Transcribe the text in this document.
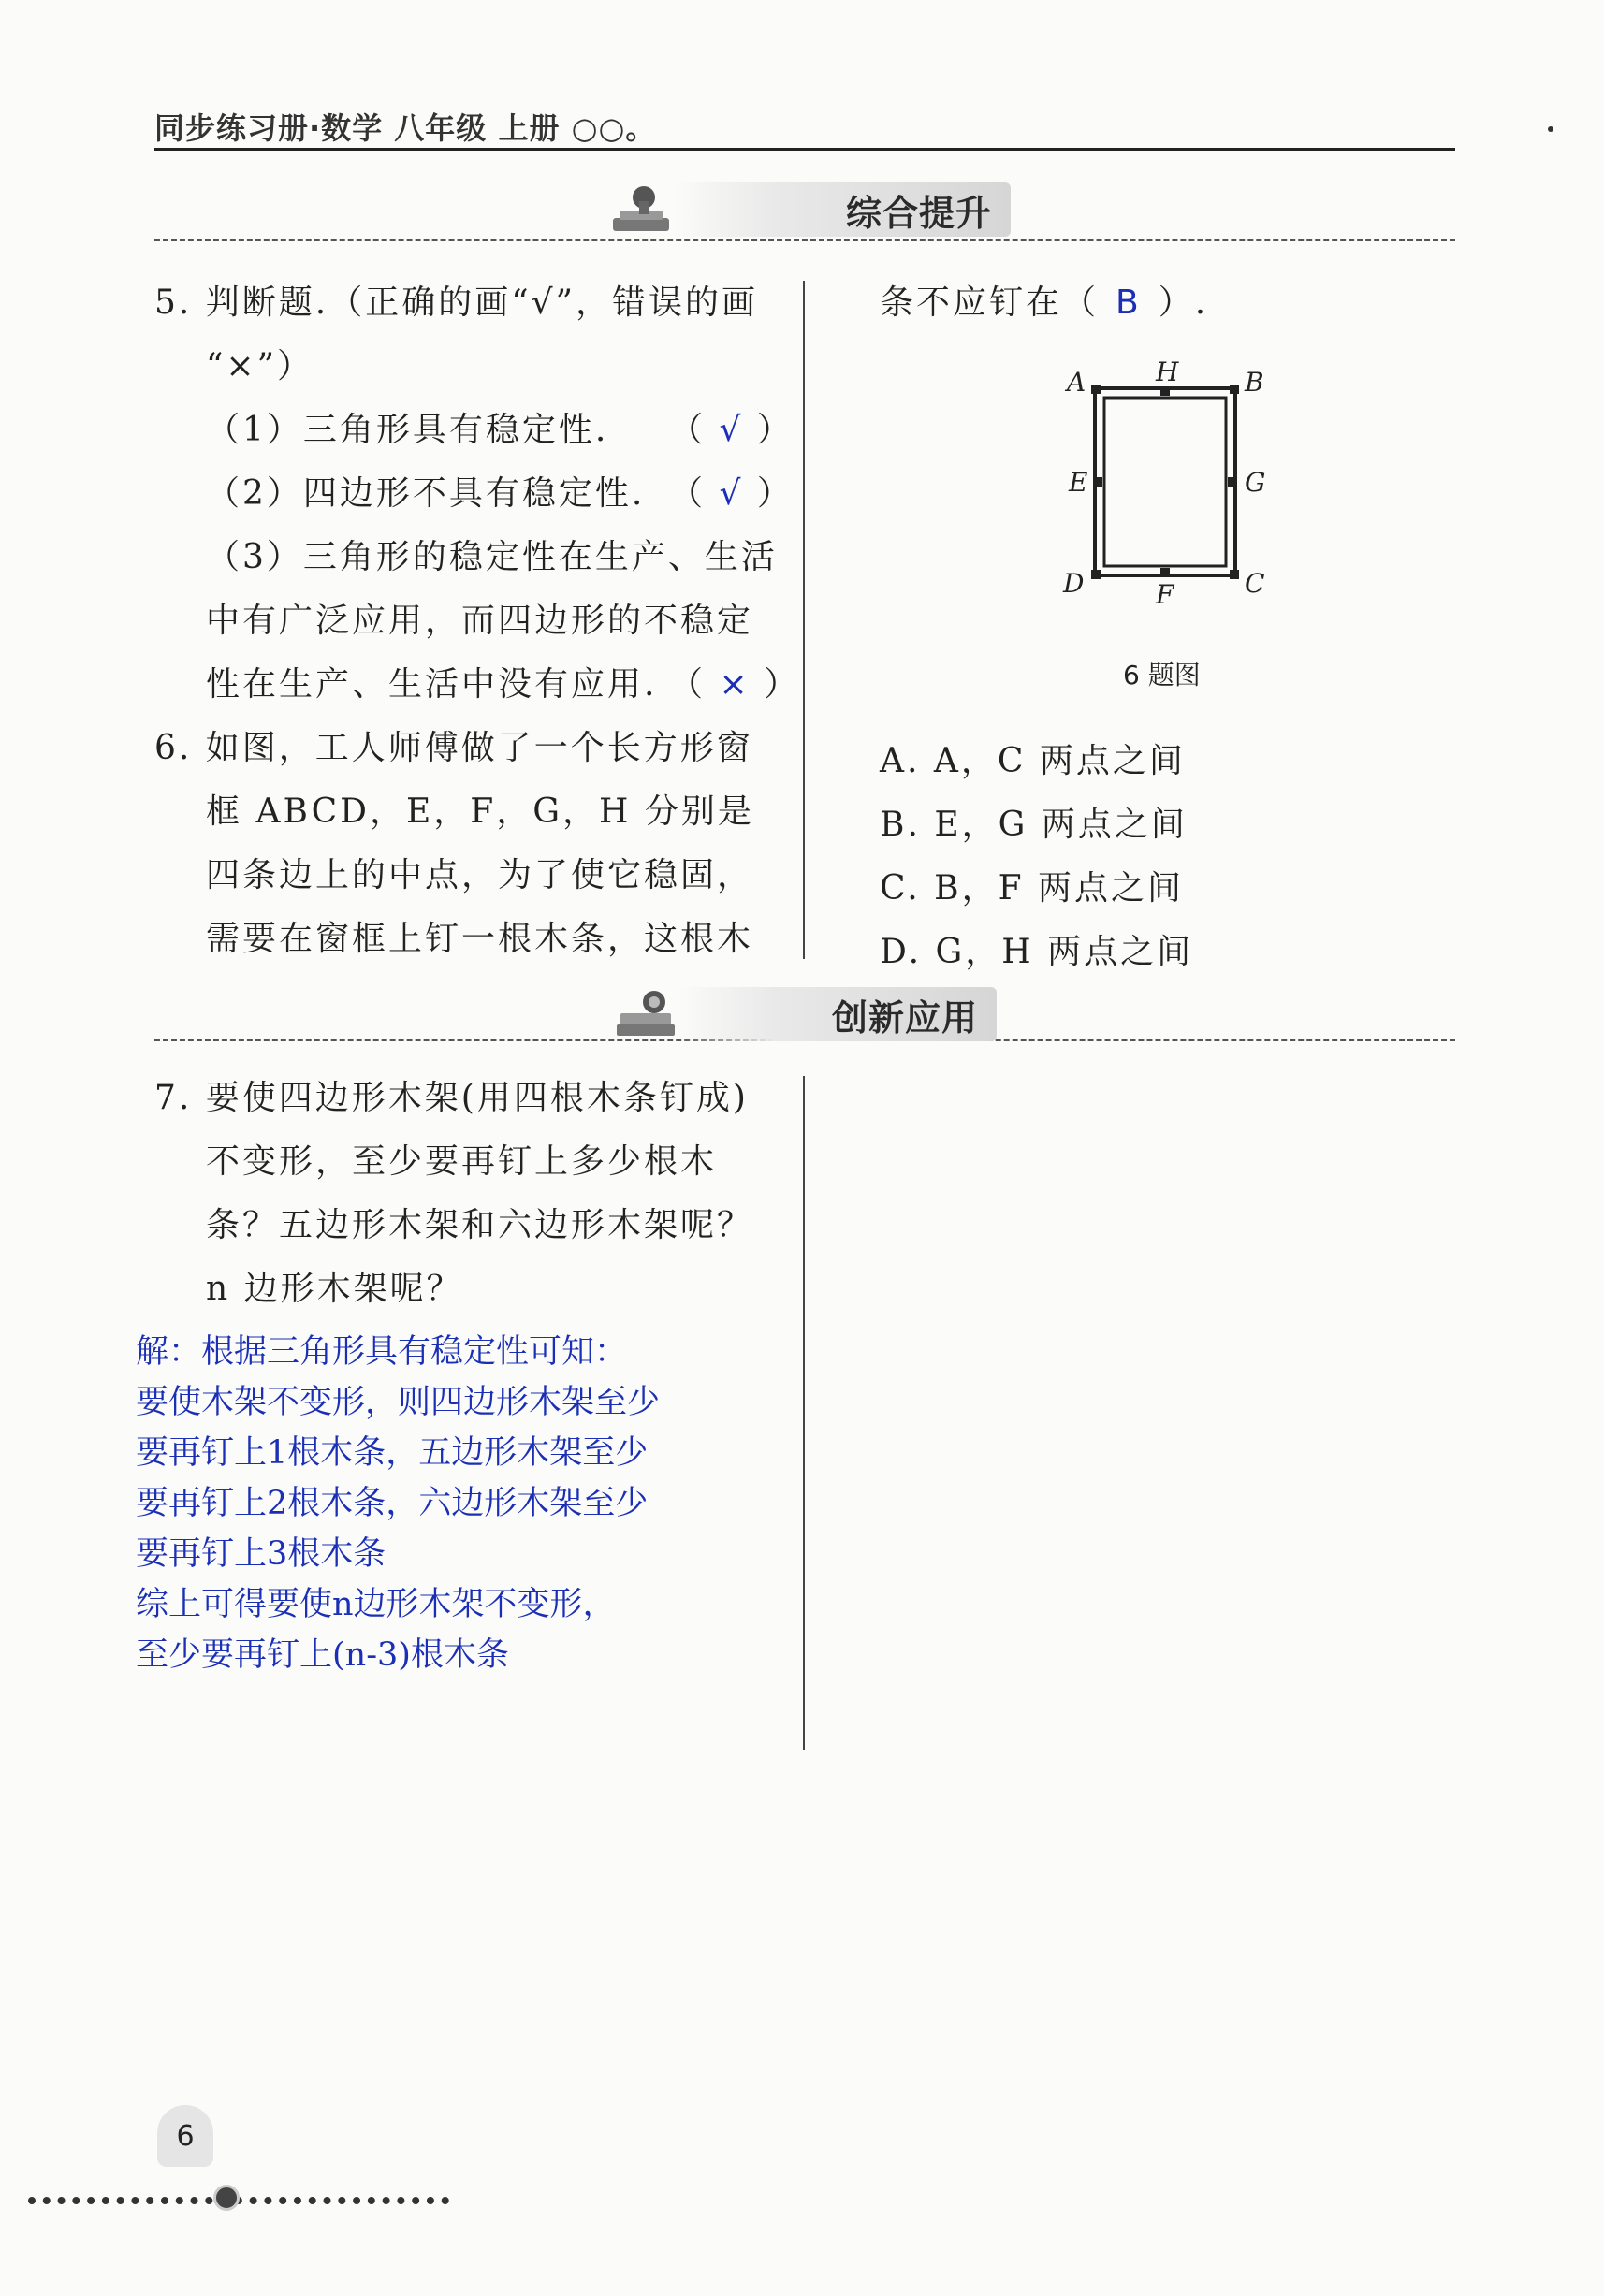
同步练习册·数学 八年级 上册 ○○。
综合提升
5. 判断题.（正确的画“√”，错误的画
“×”）
（1）三角形具有稳定性. （ √ ）
（2）四边形不具有稳定性. （ √ ）
（3）三角形的稳定性在生产、生活
中有广泛应用，而四边形的不稳定
性在生产、生活中没有应用. （ × ）
6. 如图，工人师傅做了一个长方形窗
框 ABCD，E，F，G，H 分别是
四条边上的中点，为了使它稳固，
需要在窗框上钉一根木条，这根木
条不应钉在（ B ）.
A	B
C
D
E
F
G
H
6 题图
A. A，C 两点之间
B. E，G 两点之间
C. B，F 两点之间
D. G，H 两点之间
创新应用
7. 要使四边形木架(用四根木条钉成)
不变形，至少要再钉上多少根木
条？五边形木架和六边形木架呢？
n 边形木架呢？
解：根据三角形具有稳定性可知：
要使木架不变形，则四边形木架至少
要再钉上1根木条，五边形木架至少
要再钉上2根木条，六边形木架至少
要再钉上3根木条
综上可得要使n边形木架不变形，
至少要再钉上(n-3)根木条
6
